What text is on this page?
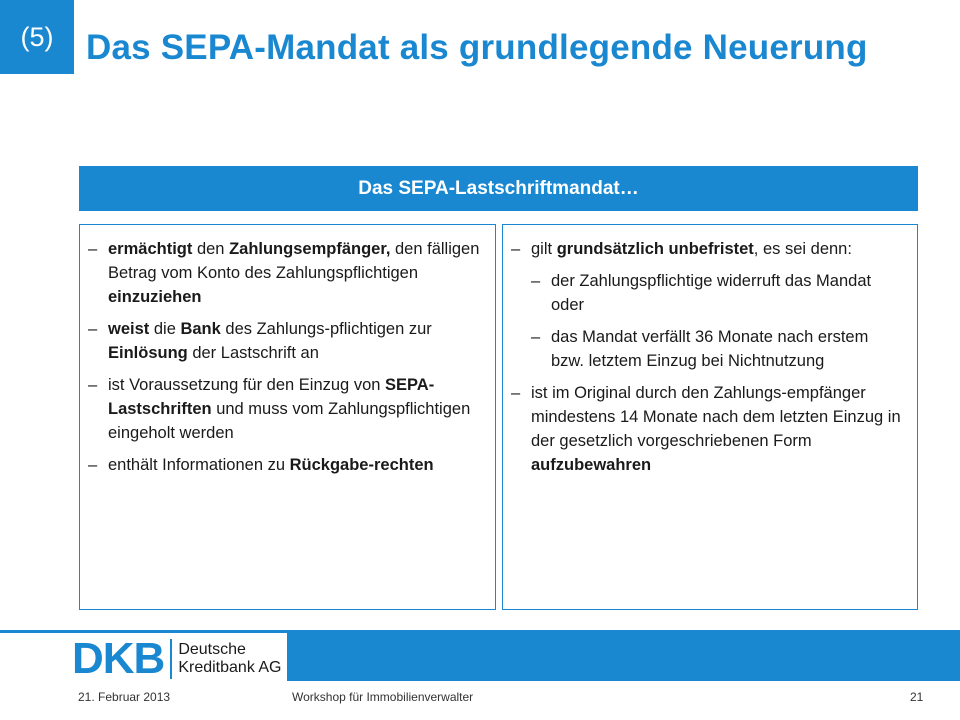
(5) Das SEPA-Mandat als grundlegende Neuerung
Das SEPA-Lastschriftmandat…
– ermächtigt den Zahlungsempfänger, den fälligen Betrag vom Konto des Zahlungspflichtigen einzuziehen
– weist die Bank des Zahlungs-pflichtigen zur Einlösung der Lastschrift an
– ist Voraussetzung für den Einzug von SEPA-Lastschriften und muss vom Zahlungspflichtigen eingeholt werden
– enthält Informationen zu Rückgabe-rechten
– gilt grundsätzlich unbefristet, es sei denn:
– der Zahlungspflichtige widerruft das Mandat oder
– das Mandat verfällt 36 Monate nach erstem bzw. letztem Einzug bei Nichtnutzung
– ist im Original durch den Zahlungs-empfänger mindestens 14 Monate nach dem letzten Einzug in der gesetzlich vorgeschriebenen Form aufzubewahren
DKB Deutsche
Kreditbank AG
21. Februar 2013	Workshop für Immobilienverwalter	21
